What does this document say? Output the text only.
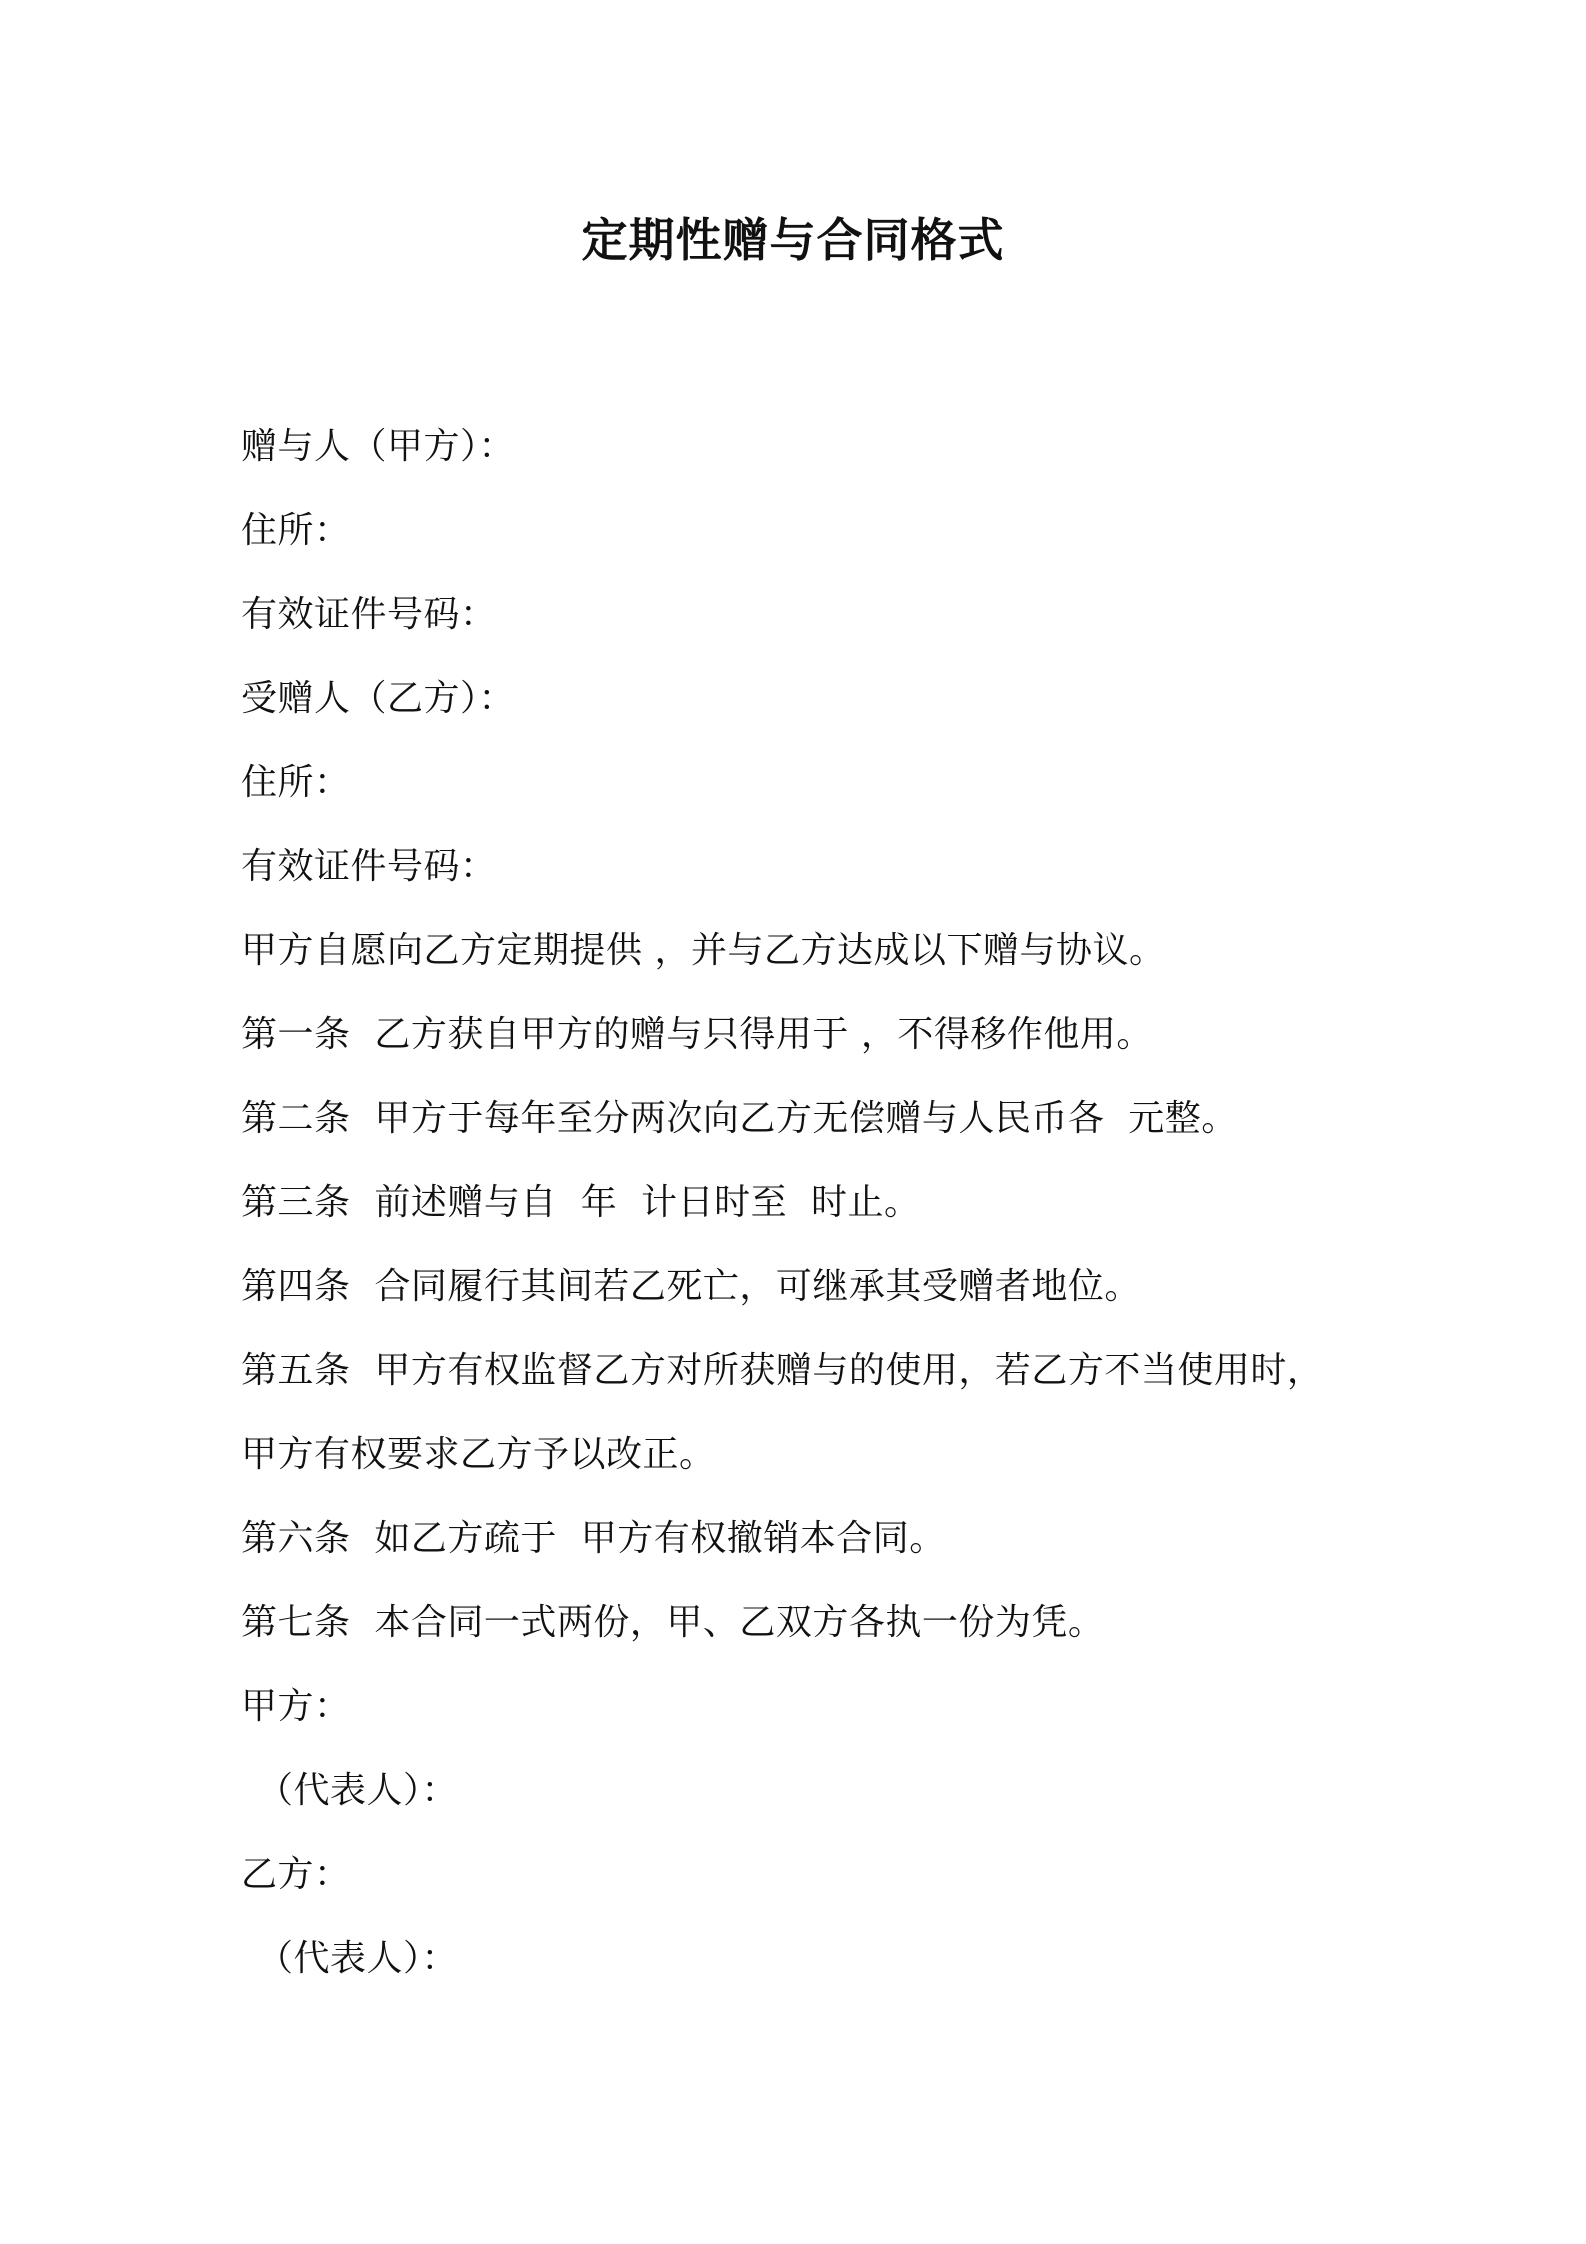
定期性赠与合同格式
赠与人（甲方）：
住所：
有效证件号码：
受赠人（乙方）：
住所：
有效证件号码：
甲方自愿向乙方定期提供 ，并与乙方达成以下赠与协议。
第一条  乙方获自甲方的赠与只得用于 ，不得移作他用。
第二条  甲方于每年至分两次向乙方无偿赠与人民币各  元整。
第三条  前述赠与自  年  计日时至  时止。
第四条  合同履行其间若乙死亡，可继承其受赠者地位。
第五条  甲方有权监督乙方对所获赠与的使用，若乙方不当使用时，
甲方有权要求乙方予以改正。
第六条  如乙方疏于  甲方有权撤销本合同。
第七条  本合同一式两份，甲、乙双方各执一份为凭。
甲方：
（代表人）：
乙方：
（代表人）：
